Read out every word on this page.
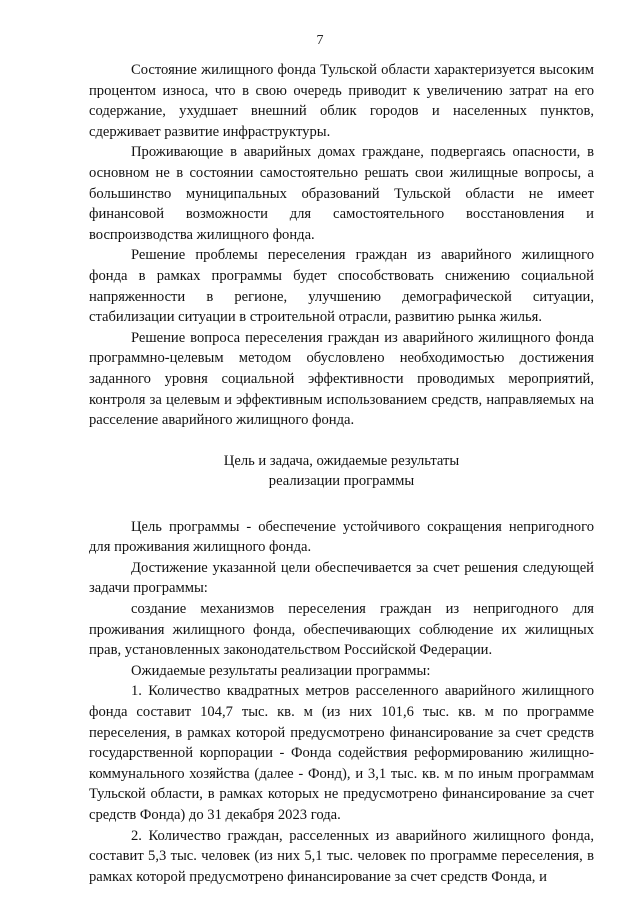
7

Состояние жилищного фонда Тульской области характеризуется высоким процентом износа, что в свою очередь приводит к увеличению затрат на его содержание, ухудшает внешний облик городов и населенных пунктов, сдерживает развитие инфраструктуры.

Проживающие в аварийных домах граждане, подвергаясь опасности, в основном не в состоянии самостоятельно решать свои жилищные вопросы, а большинство муниципальных образований Тульской области не имеет финансовой возможности для самостоятельного восстановления и воспроизводства жилищного фонда.

Решение проблемы переселения граждан из аварийного жилищного фонда в рамках программы будет способствовать снижению социальной напряженности в регионе, улучшению демографической ситуации, стабилизации ситуации в строительной отрасли, развитию рынка жилья.

Решение вопроса переселения граждан из аварийного жилищного фонда программно-целевым методом обусловлено необходимостью достижения заданного уровня социальной эффективности проводимых мероприятий, контроля за целевым и эффективным использованием средств, направляемых на расселение аварийного жилищного фонда.

Цель и задача, ожидаемые результаты
реализации программы

Цель программы - обеспечение устойчивого сокращения непригодного для проживания жилищного фонда.

Достижение указанной цели обеспечивается за счет решения следующей задачи программы:

создание механизмов переселения граждан из непригодного для проживания жилищного фонда, обеспечивающих соблюдение их жилищных прав, установленных законодательством Российской Федерации.

Ожидаемые результаты реализации программы:

1. Количество квадратных метров расселенного аварийного жилищного фонда составит 104,7 тыс. кв. м (из них 101,6 тыс. кв. м по программе переселения, в рамках которой предусмотрено финансирование за счет средств государственной корпорации - Фонда содействия реформированию жилищно-коммунального хозяйства (далее - Фонд), и 3,1 тыс. кв. м по иным программам Тульской области, в рамках которых не предусмотрено финансирование за счет средств Фонда) до 31 декабря 2023 года.

2. Количество граждан, расселенных из аварийного жилищного фонда, составит 5,3 тыс. человек (из них 5,1 тыс. человек по программе переселения, в рамках которой предусмотрено финансирование за счет средств Фонда, и
